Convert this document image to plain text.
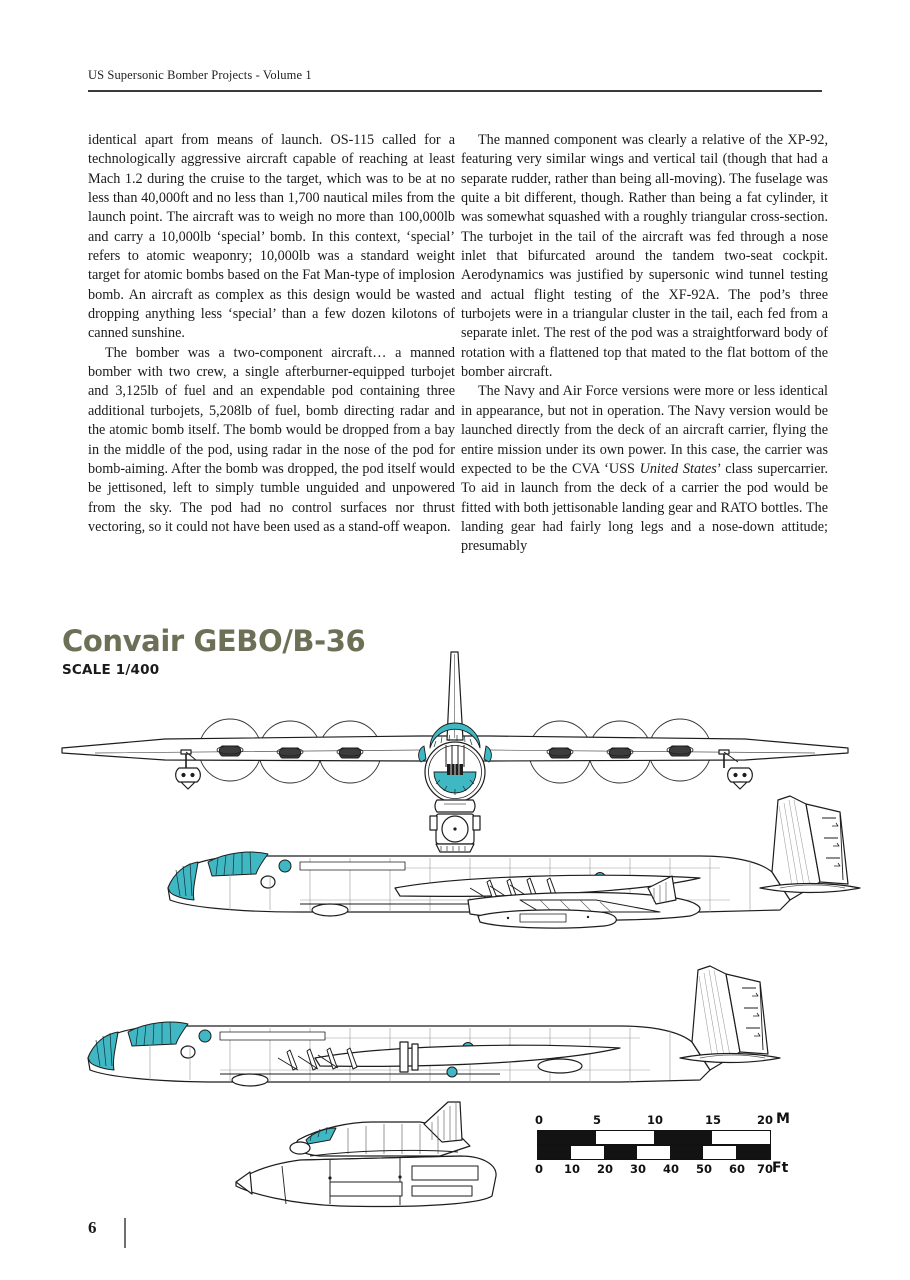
US Supersonic Bomber Projects - Volume 1

identical apart from means of launch. OS-115 called for a technologically aggressive aircraft capable of reaching at least Mach 1.2 during the cruise to the target, which was to be at no less than 40,000ft and no less than 1,700 nautical miles from the launch point. The aircraft was to weigh no more than 100,000lb and carry a 10,000lb ‘special’ bomb. In this context, ‘special’ refers to atomic weaponry; 10,000lb was a standard weight target for atomic bombs based on the Fat Man-type of implosion bomb. An aircraft as complex as this design would be wasted dropping anything less ‘special’ than a few dozen kilotons of canned sunshine.

The bomber was a two-component aircraft… a manned bomber with two crew, a single afterburner-equipped turbojet and 3,125lb of fuel and an expendable pod containing three additional turbojets, 5,208lb of fuel, bomb directing radar and the atomic bomb itself. The bomb would be dropped from a bay in the middle of the pod, using radar in the nose of the pod for bomb-aiming. After the bomb was dropped, the pod itself would be jettisoned, left to simply tumble unguided and unpowered from the sky. The pod had no control surfaces nor thrust vectoring, so it could not have been used as a stand-off weapon.

The manned component was clearly a relative of the XP-92, featuring very similar wings and vertical tail (though that had a separate rudder, rather than being all-moving). The fuselage was quite a bit different, though. Rather than being a fat cylinder, it was somewhat squashed with a roughly triangular cross-section. The turbojet in the tail of the aircraft was fed through a nose inlet that bifurcated around the tandem two-seat cockpit. Aerodynamics was justified by supersonic wind tunnel testing and actual flight testing of the XF-92A. The pod’s three turbojets were in a triangular cluster in the tail, each fed from a separate inlet. The rest of the pod was a straightforward body of rotation with a flattened top that mated to the flat bottom of the bomber aircraft.

The Navy and Air Force versions were more or less identical in appearance, but not in operation. The Navy version would be launched directly from the deck of an aircraft carrier, flying the entire mission under its own power. In this case, the carrier was expected to be the CVA ‘USS United States’ class supercarrier. To aid in launch from the deck of a carrier the pod would be fitted with both jettisonable landing gear and RATO bottles. The landing gear had fairly long legs and a nose-down attitude; presumably

Convair GEBO/B-36
SCALE 1/400
0	5	10	15	20 M
0 10 20 30 40 50 60 70
Ft
6
